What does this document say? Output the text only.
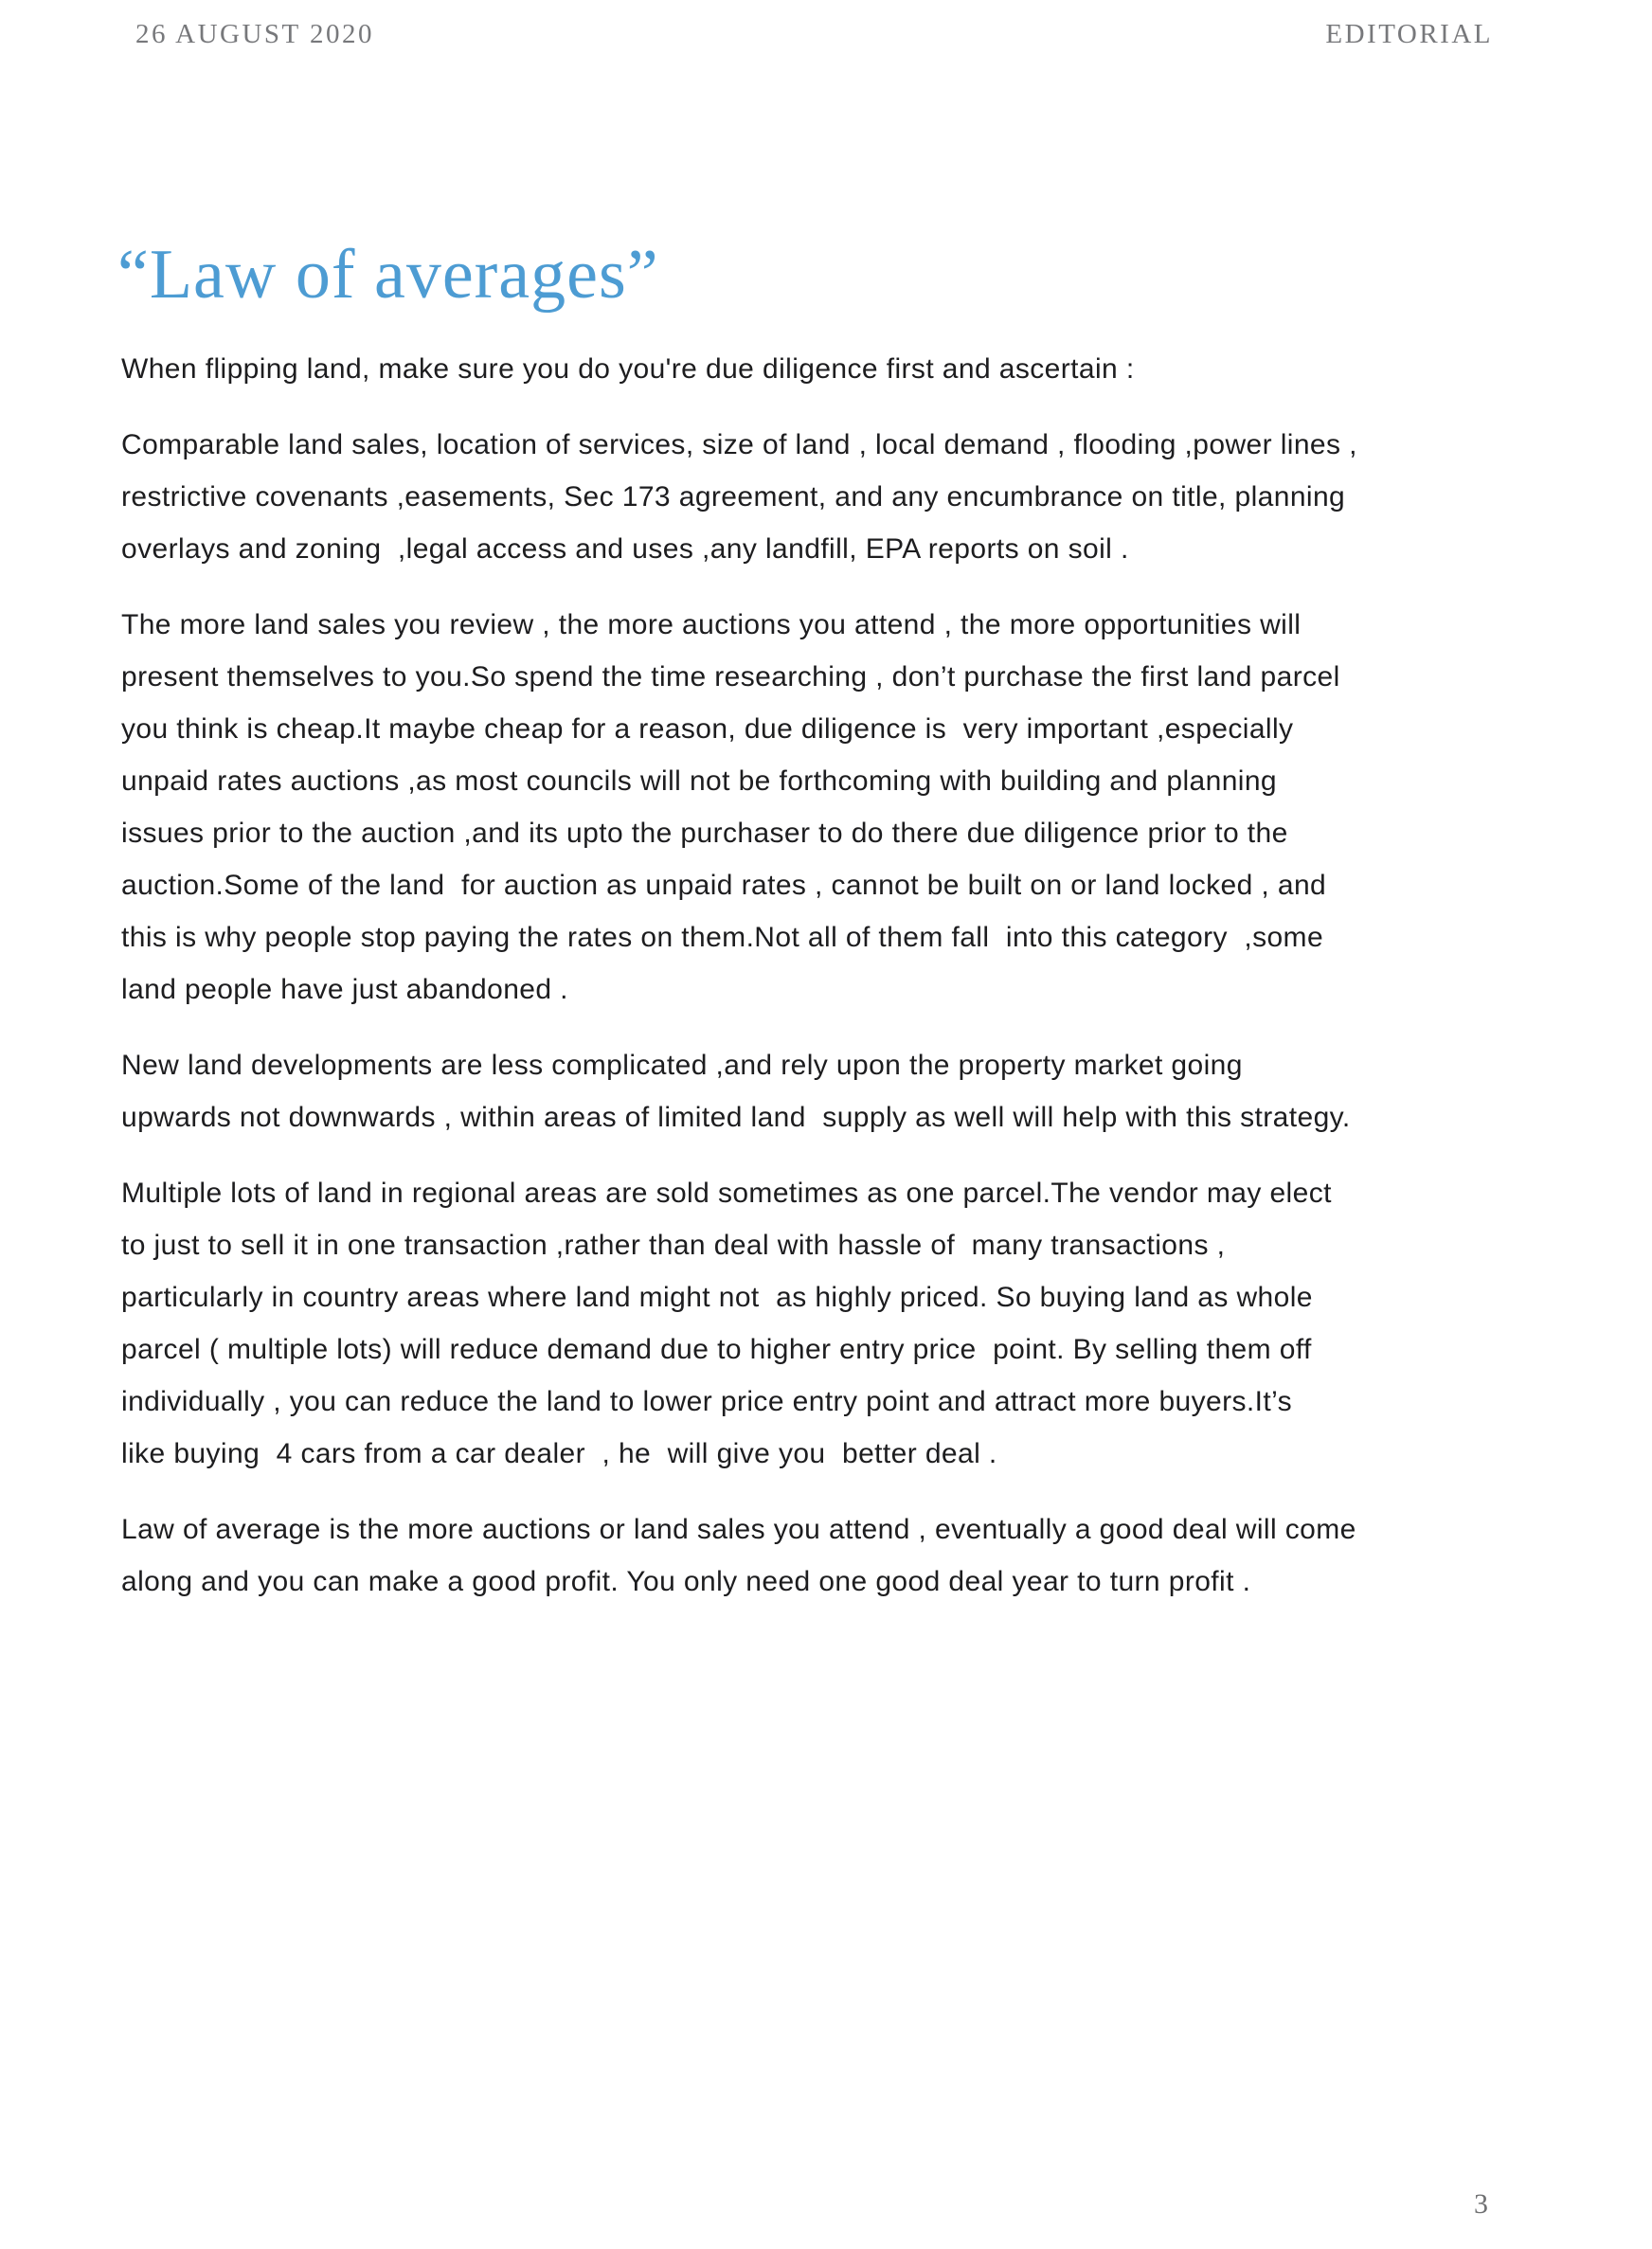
26 AUGUST 2020	EDITORIAL
“Law of averages”
When flipping land, make sure you do you're due diligence first and ascertain :
Comparable land sales, location of services, size of land , local demand , flooding ,power lines ,
restrictive covenants ,easements, Sec 173 agreement, and any encumbrance on title, planning
overlays and zoning  ,legal access and uses ,any landfill, EPA reports on soil .
The more land sales you review , the more auctions you attend , the more opportunities will
present themselves to you.So spend the time researching , don’t purchase the first land parcel
you think is cheap.It maybe cheap for a reason, due diligence is  very important ,especially
unpaid rates auctions ,as most councils will not be forthcoming with building and planning
issues prior to the auction ,and its upto the purchaser to do there due diligence prior to the
auction.Some of the land  for auction as unpaid rates , cannot be built on or land locked , and
this is why people stop paying the rates on them.Not all of them fall  into this category  ,some
land people have just abandoned .
New land developments are less complicated ,and rely upon the property market going
upwards not downwards , within areas of limited land  supply as well will help with this strategy.
Multiple lots of land in regional areas are sold sometimes as one parcel.The vendor may elect
to just to sell it in one transaction ,rather than deal with hassle of  many transactions ,
particularly in country areas where land might not  as highly priced. So buying land as whole
parcel ( multiple lots) will reduce demand due to higher entry price  point. By selling them off
individually , you can reduce the land to lower price entry point and attract more buyers.It’s
like buying  4 cars from a car dealer  , he  will give you  better deal .
Law of average is the more auctions or land sales you attend , eventually a good deal will come
along and you can make a good profit. You only need one good deal year to turn profit .
3
